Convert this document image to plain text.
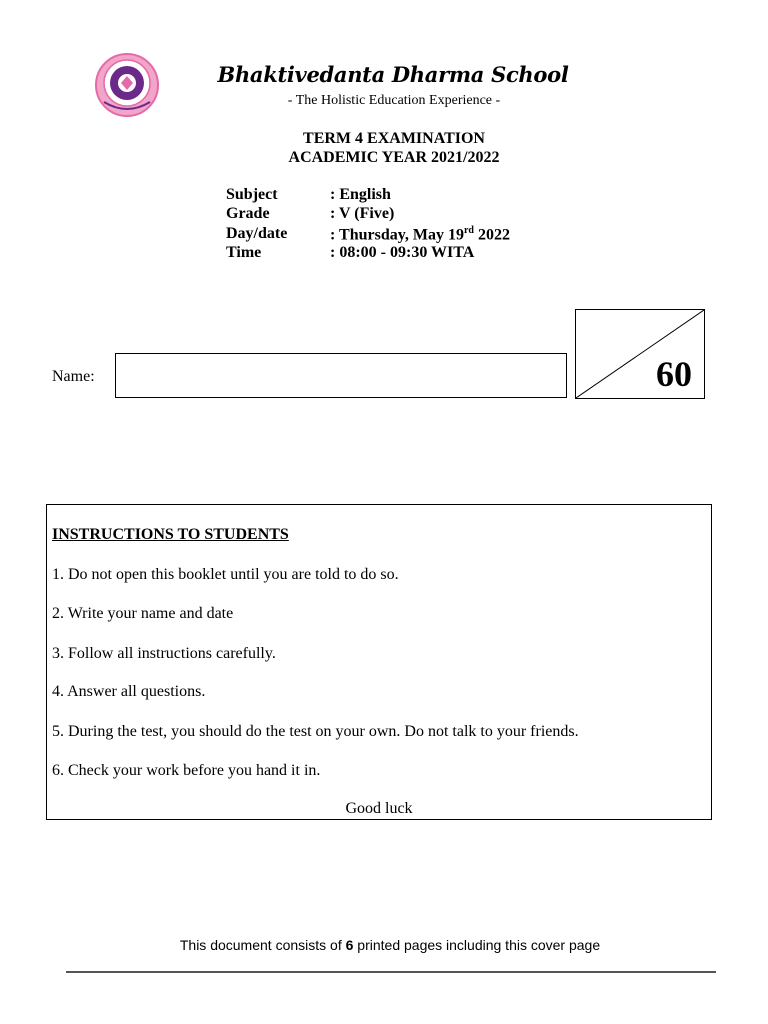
Bhaktivedanta Dharma School
- The Holistic Education Experience -
TERM 4 EXAMINATION
ACADEMIC YEAR 2021/2022
Subject	: English
Grade	: V (Five)
Day/date	: Thursday, May 19rd 2022
Time	: 08:00 - 09:30 WITA
Name:	60
INSTRUCTIONS TO STUDENTS
1. Do not open this booklet until you are told to do so.
2. Write your name and date
3. Follow all instructions carefully.
4. Answer all questions.
5. During the test, you should do the test on your own. Do not talk to your friends.
6. Check your work before you hand it in.
Good luck
This document consists of 6 printed pages including this cover page
